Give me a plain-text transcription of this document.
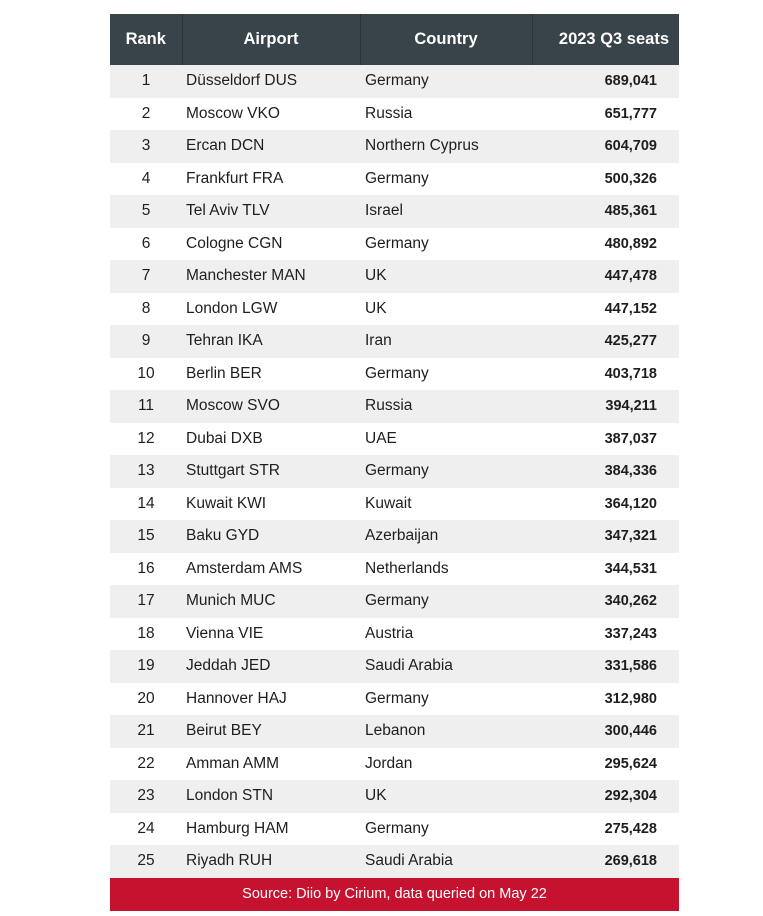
Rank	Airport	Country	2023 Q3 seats
1	Düsseldorf DUS	Germany	689,041
2	Moscow VKO	Russia	651,777
3	Ercan DCN	Northern Cyprus	604,709
4	Frankfurt FRA	Germany	500,326
5	Tel Aviv TLV	Israel	485,361
6	Cologne CGN	Germany	480,892
7	Manchester MAN	UK	447,478
8	London LGW	UK	447,152
9	Tehran IKA	Iran	425,277
10	Berlin BER	Germany	403,718
11	Moscow SVO	Russia	394,211
12	Dubai DXB	UAE	387,037
13	Stuttgart STR	Germany	384,336
14	Kuwait KWI	Kuwait	364,120
15	Baku GYD	Azerbaijan	347,321
16	Amsterdam AMS	Netherlands	344,531
17	Munich MUC	Germany	340,262
18	Vienna VIE	Austria	337,243
19	Jeddah JED	Saudi Arabia	331,586
20	Hannover HAJ	Germany	312,980
21	Beirut BEY	Lebanon	300,446
22	Amman AMM	Jordan	295,624
23	London STN	UK	292,304
24	Hamburg HAM	Germany	275,428
25	Riyadh RUH	Saudi Arabia	269,618
Source: Diio by Cirium, data queried on May 22
